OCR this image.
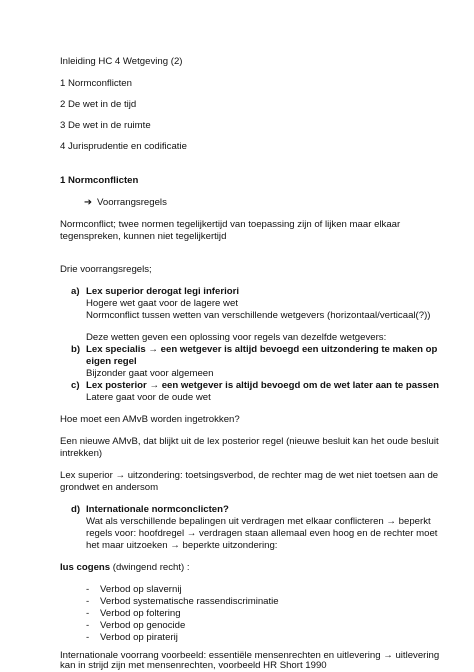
Inleiding HC 4 Wetgeving (2)
1 Normconflicten
2 De wet in de tijd
3 De wet in de ruimte
4 Jurisprudentie en codificatie
1 Normconflicten
➔ Voorrangsregels
Normconflict; twee normen tegelijkertijd van toepassing zijn of lijken maar elkaar
tegenspreken, kunnen niet tegelijkertijd
Drie voorrangsregels;
a) Lex superior derogat legi inferiori
Hogere wet gaat voor de lagere wet
Normconflict tussen wetten van verschillende wetgevers (horizontaal/verticaal(?))
Deze wetten geven een oplossing voor regels van dezelfde wetgevers:
b) Lex specialis → een wetgever is altijd bevoegd een uitzondering te maken op
eigen regel
Bijzonder gaat voor algemeen
c) Lex posterior → een wetgever is altijd bevoegd om de wet later aan te passen
Latere gaat voor de oude wet
Hoe moet een AMvB worden ingetrokken?
Een nieuwe AMvB, dat blijkt uit de lex posterior regel (nieuwe besluit kan het oude besluit
intrekken)
Lex superior → uitzondering: toetsingsverbod, de rechter mag de wet niet toetsen aan de
grondwet en andersom
d) Internationale normconclicten?
Wat als verschillende bepalingen uit verdragen met elkaar conflicteren → beperkt
regels voor: hoofdregel → verdragen staan allemaal even hoog en de rechter moet
het maar uitzoeken → beperkte uitzondering:
Ius cogens (dwingend recht) :
- Verbod op slavernij
- Verbod systematische rassendiscriminatie
- Verbod op foltering
- Verbod op genocide
- Verbod op piraterij
Internationale voorrang voorbeeld: essentiële mensenrechten en uitlevering → uitlevering
kan in strijd zijn met mensenrechten, voorbeeld HR Short 1990
